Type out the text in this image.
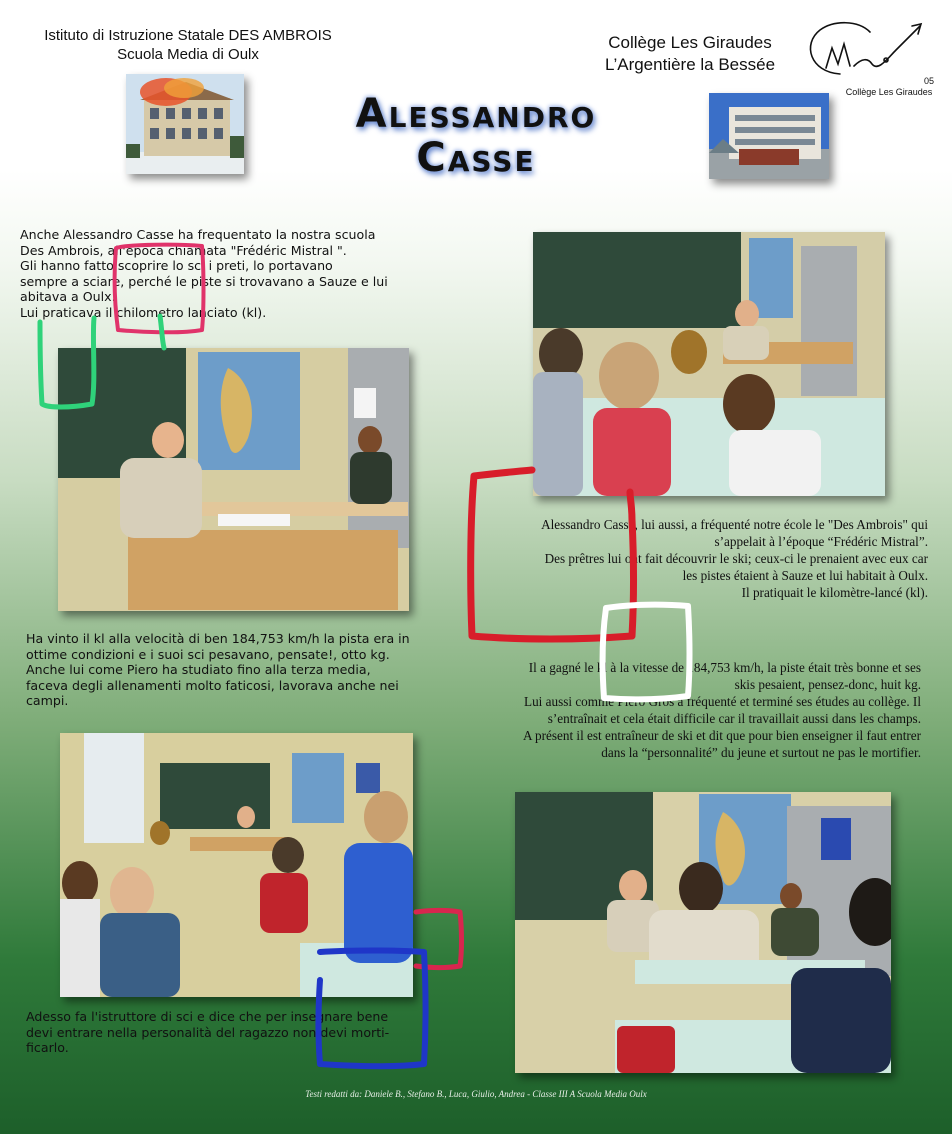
Istituto di Istruzione Statale DES AMBROIS
Scuola Media di Oulx
Collège Les Giraudes
L’Argentière la Bessée
05
Collège Les Giraudes
Alessandro
Casse
Anche Alessandro Casse ha frequentato la nostra scuola
Des Ambrois, all'epoca chiamata "Frédéric Mistral ".
Gli hanno fatto scoprire lo sci i preti, lo portavano
sempre a sciare, perché le piste si trovavano a Sauze e lui
abitava a Oulx.
Lui praticava il chilometro lanciato (kl).
Alessandro Casse, lui aussi, a fréquenté notre école le "Des Ambrois" qui
s’appelait à l’époque “Frédéric Mistral”.
Des prêtres lui ont fait découvrir le ski; ceux-ci le prenaient avec eux car
les pistes étaient à Sauze et lui habitait à Oulx.
Il pratiquait le kilomètre-lancé (kl).
Ha vinto il kl alla velocità di ben 184,753 km/h la pista era in
ottime condizioni e i suoi sci pesavano, pensate!, otto kg.
Anche lui come Piero ha studiato fino alla terza media,
faceva degli allenamenti molto faticosi, lavorava anche nei
campi.
Il a gagné le kl à la vitesse de 184,753 km/h, la piste était très bonne et ses
skis pesaient, pensez-donc, huit kg.
Lui aussi comme Piero Gros a fréquenté et terminé ses études au collège. Il
s’entraînait et cela était difficile car il travaillait aussi dans les champs.
A présent il est entraîneur de ski et dit que pour bien enseigner il faut entrer
dans la “personnalité” du jeune et surtout ne pas le mortifier.
Adesso fa l'istruttore di sci e dice che per insegnare bene
devi entrare nella personalità del ragazzo non devi morti-
ficarlo.
Testi redatti da: Daniele B., Stefano B., Luca, Giulio, Andrea - Classe III A Scuola Media Oulx
